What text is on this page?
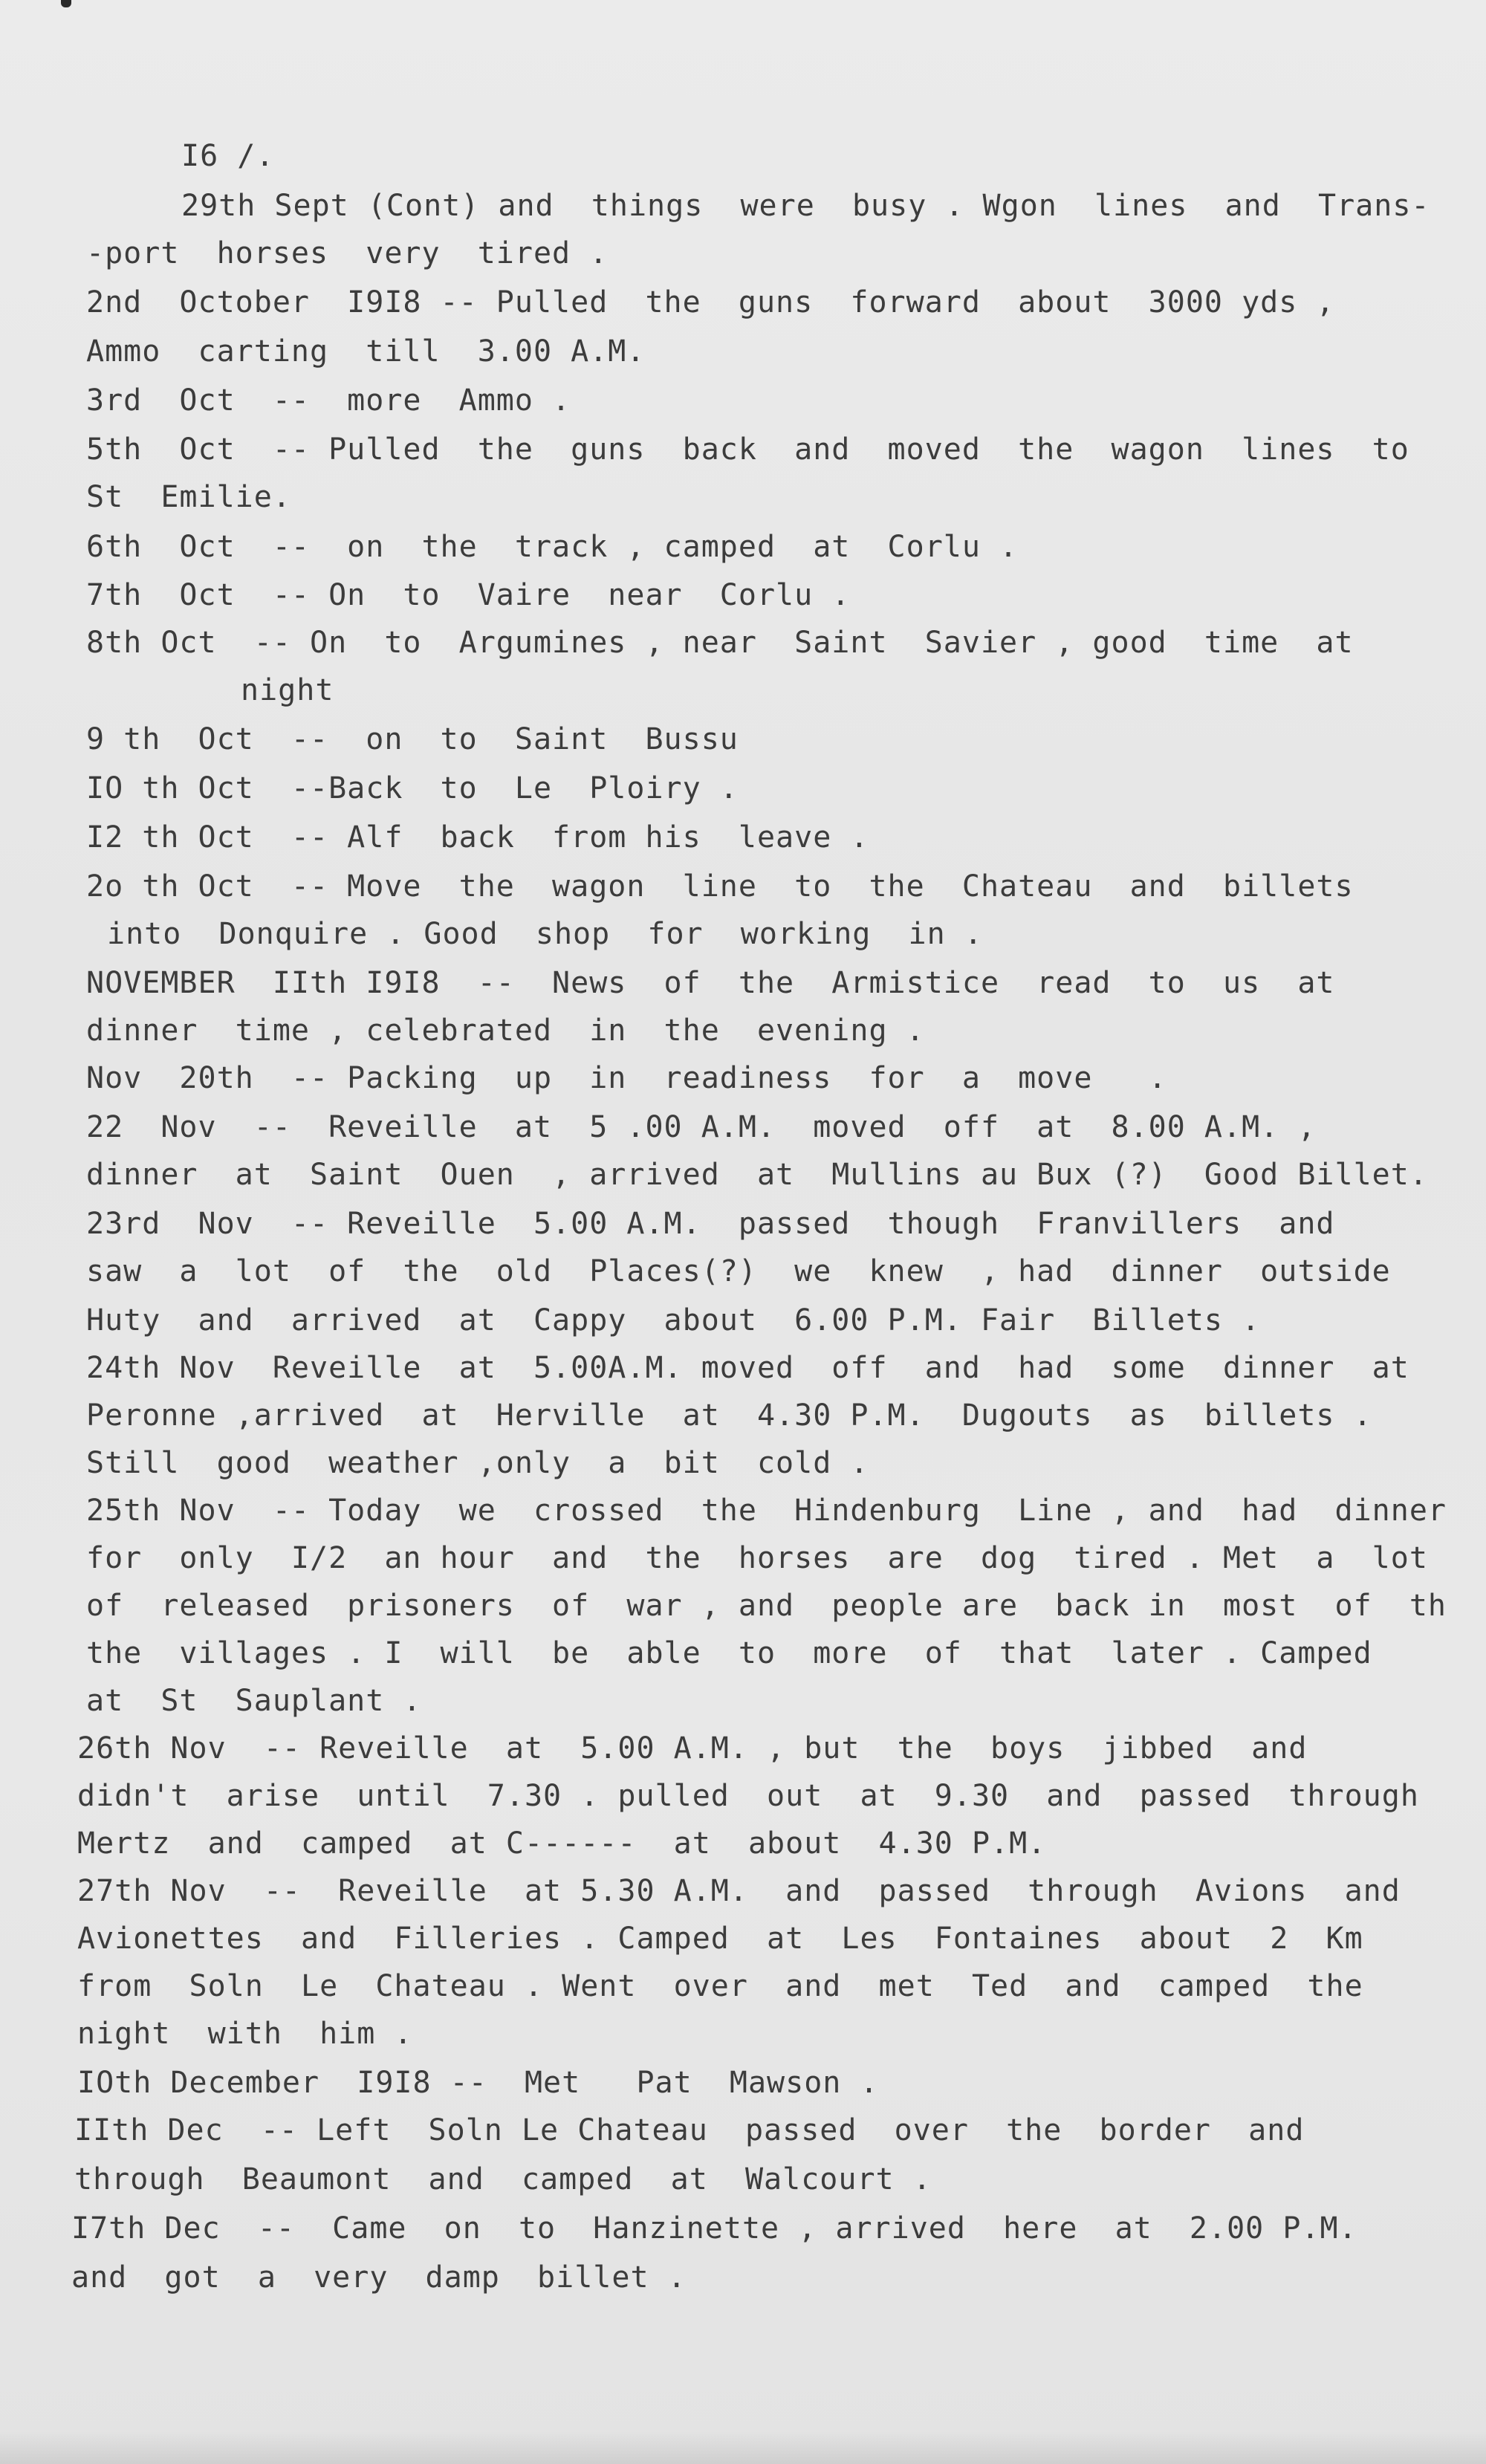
I6 /.
29th Sept (Cont) and  things  were  busy . Wgon  lines  and  Trans-
-port  horses  very  tired .
2nd  October  I9I8 -- Pulled  the  guns  forward  about  3000 yds ,
Ammo  carting  till  3.00 A.M.
3rd  Oct  --  more  Ammo .
5th  Oct  -- Pulled  the  guns  back  and  moved  the  wagon  lines  to
St  Emilie.
6th  Oct  --  on  the  track , camped  at  Corlu .
7th  Oct  -- On  to  Vaire  near  Corlu .
8th Oct  -- On  to  Argumines , near  Saint  Savier , good  time  at
night
9 th  Oct  --  on  to  Saint  Bussu
IO th Oct  --Back  to  Le  Ploiry .
I2 th Oct  -- Alf  back  from his  leave .
2o th Oct  -- Move  the  wagon  line  to  the  Chateau  and  billets
into  Donquire . Good  shop  for  working  in .
NOVEMBER  IIth I9I8  --  News  of  the  Armistice  read  to  us  at
dinner  time , celebrated  in  the  evening .
Nov  20th  -- Packing  up  in  readiness  for  a  move   .
22  Nov  --  Reveille  at  5 .00 A.M.  moved  off  at  8.00 A.M. ,
dinner  at  Saint  Ouen  , arrived  at  Mullins au Bux (?)  Good Billet.
23rd  Nov  -- Reveille  5.00 A.M.  passed  though  Franvillers  and
saw  a  lot  of  the  old  Places(?)  we  knew  , had  dinner  outside
Huty  and  arrived  at  Cappy  about  6.00 P.M. Fair  Billets .
24th Nov  Reveille  at  5.00A.M. moved  off  and  had  some  dinner  at
Peronne ,arrived  at  Herville  at  4.30 P.M.  Dugouts  as  billets .
Still  good  weather ,only  a  bit  cold .
25th Nov  -- Today  we  crossed  the  Hindenburg  Line , and  had  dinner
for  only  I/2  an hour  and  the  horses  are  dog  tired . Met  a  lot
of  released  prisoners  of  war , and  people are  back in  most  of  th
the  villages . I  will  be  able  to  more  of  that  later . Camped
at  St  Sauplant .
26th Nov  -- Reveille  at  5.00 A.M. , but  the  boys  jibbed  and
didn't  arise  until  7.30 . pulled  out  at  9.30  and  passed  through
Mertz  and  camped  at C------  at  about  4.30 P.M.
27th Nov  --  Reveille  at 5.30 A.M.  and  passed  through  Avions  and
Avionettes  and  Filleries . Camped  at  Les  Fontaines  about  2  Km
from  Soln  Le  Chateau . Went  over  and  met  Ted  and  camped  the
night  with  him .
IOth December  I9I8 --  Met   Pat  Mawson .
IIth Dec  -- Left  Soln Le Chateau  passed  over  the  border  and
through  Beaumont  and  camped  at  Walcourt .
I7th Dec  --  Came  on  to  Hanzinette , arrived  here  at  2.00 P.M.
and  got  a  very  damp  billet .
